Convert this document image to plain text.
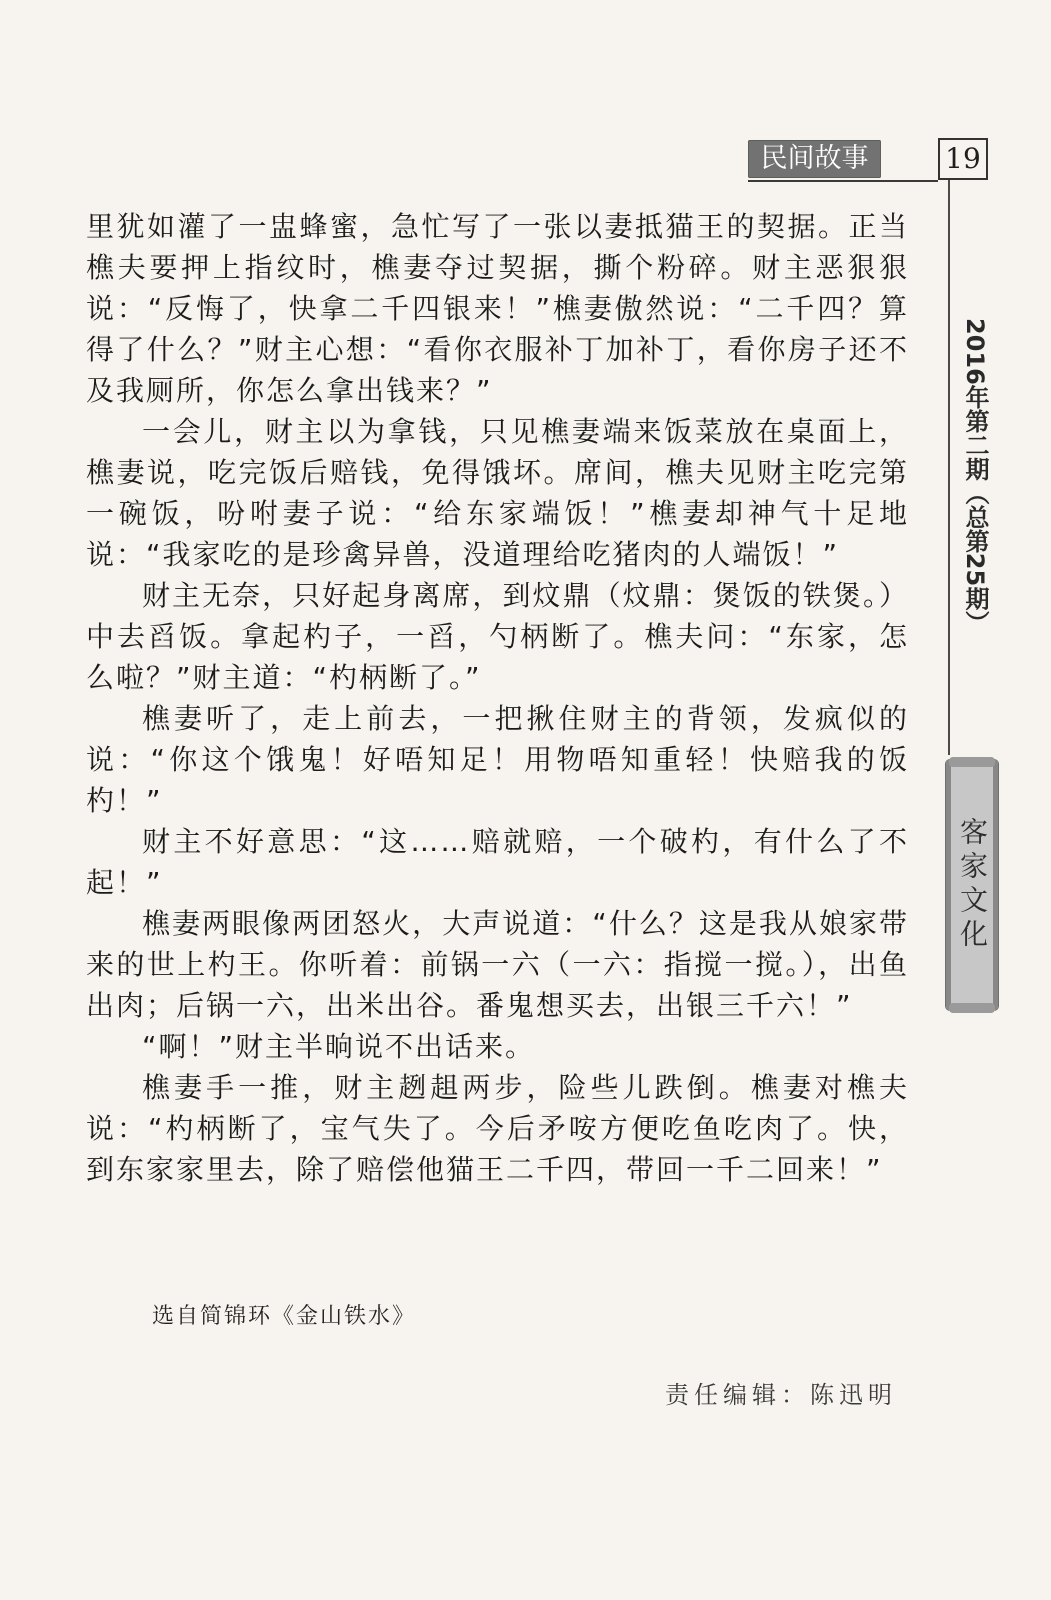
民间故事	19
2016年第二期（总第25期）
客家文化

里犹如灌了一盅蜂蜜，急忙写了一张以妻抵猫王的契据。正当樵夫要押上指纹时，樵妻夺过契据，撕个粉碎。财主恶狠狠说：“反悔了，快拿二千四银来！”樵妻傲然说：“二千四？算得了什么？”财主心想：“看你衣服补丁加补丁，看你房子还不及我厕所，你怎么拿出钱来？”

一会儿，财主以为拿钱，只见樵妻端来饭菜放在桌面上，樵妻说，吃完饭后赔钱，免得饿坏。席间，樵夫见财主吃完第一碗饭，吩咐妻子说：“给东家端饭！”樵妻却神气十足地说：“我家吃的是珍禽异兽，没道理给吃猪肉的人端饭！”

财主无奈，只好起身离席，到炆鼎（炆鼎：煲饭的铁煲。）中去舀饭。拿起杓子，一舀，勺柄断了。樵夫问：“东家，怎么啦？”财主道：“杓柄断了。”

樵妻听了，走上前去，一把揪住财主的背领，发疯似的说：“你这个饿鬼！好唔知足！用物唔知重轻！快赔我的饭杓！”

财主不好意思：“这……赔就赔，一个破杓，有什么了不起！”

樵妻两眼像两团怒火，大声说道：“什么？这是我从娘家带来的世上杓王。你听着：前锅一六（一六：指搅一搅。），出鱼出肉；后锅一六，出米出谷。番鬼想买去，出银三千六！”

“啊！”财主半晌说不出话来。

樵妻手一推，财主趔趄两步，险些儿跌倒。樵妻对樵夫说：“杓柄断了，宝气失了。今后矛咹方便吃鱼吃肉了。快，到东家家里去，除了赔偿他猫王二千四，带回一千二回来！”

选自简锦环《金山铁水》
责任编辑：陈迅明
